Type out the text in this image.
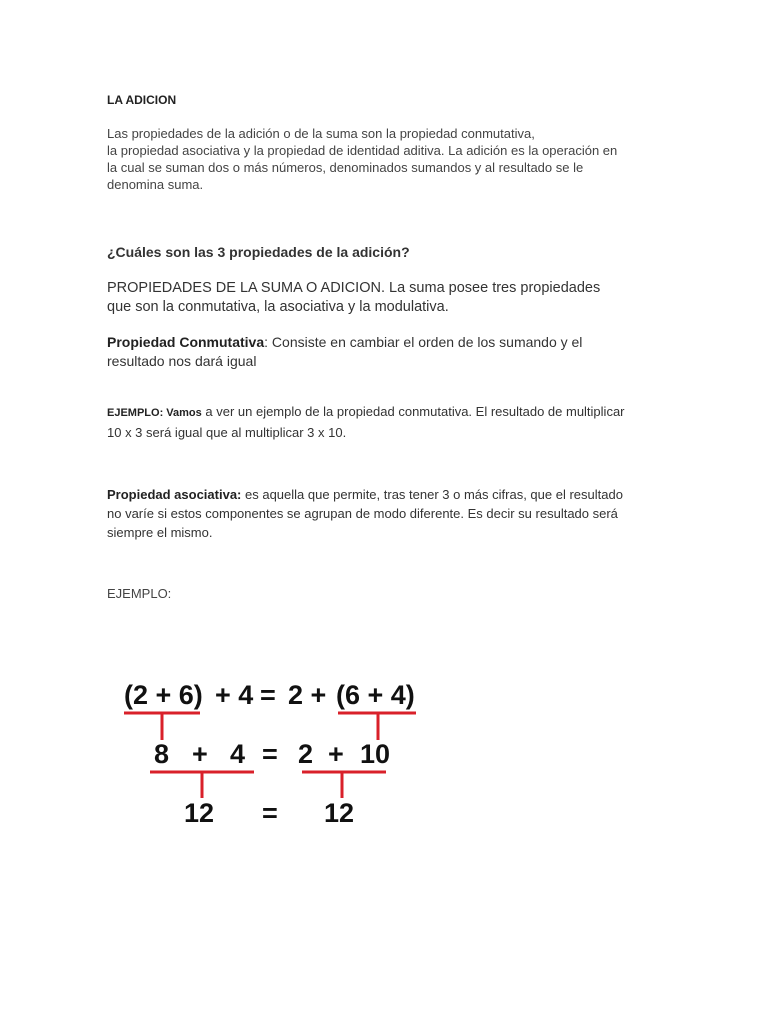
LA ADICION
Las propiedades de la adición o de la suma son la propiedad conmutativa,
la propiedad asociativa y la propiedad de identidad aditiva. La adición es la operación en
la cual se suman dos o más números, denominados sumandos y al resultado se le
denomina suma.
¿Cuáles son las 3 propiedades de la adición?
PROPIEDADES DE LA SUMA O ADICION. La suma posee tres propiedades
que son la conmutativa, la asociativa y la modulativa.
Propiedad Conmutativa: Consiste en cambiar el orden de los sumando y el
resultado nos dará igual
EJEMPLO: Vamos a ver un ejemplo de la propiedad conmutativa. El resultado de multiplicar
10 x 3 será igual que al multiplicar 3 x 10.
Propiedad asociativa: es aquella que permite, tras tener 3 o más cifras, que el resultado
no varíe si estos componentes se agrupan de modo diferente. Es decir su resultado será
siempre el mismo.
EJEMPLO:
(2 + 6) + 4 = 2 + (6 + 4)
8 + 4 = 2 + 10
12 = 12
